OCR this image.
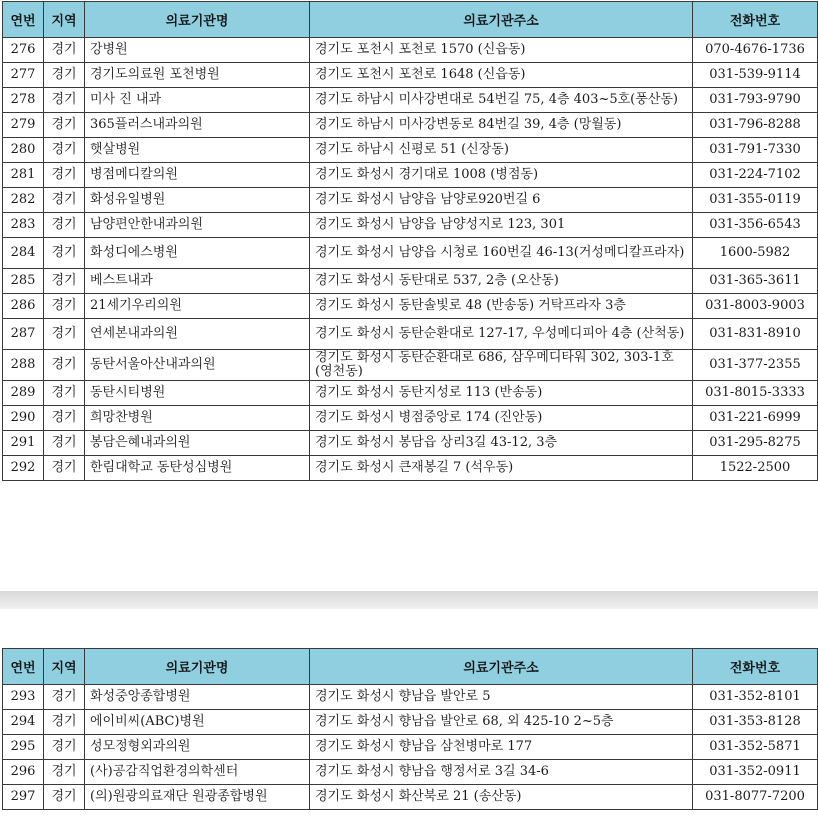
연번	지역	의료기관명	의료기관주소	전화번호
276	경기	강병원	경기도 포천시 포천로 1570 (신읍동)	070-4676-1736
277	경기	경기도의료원 포천병원	경기도 포천시 포천로 1648 (신읍동)	031-539-9114
278	경기	미사 진 내과	경기도 하남시 미사강변대로 54번길 75, 4층 403~5호(풍산동)	031-793-9790
279	경기	365플러스내과의원	경기도 하남시 미사강변동로 84번길 39, 4층 (망월동)	031-796-8288
280	경기	햇살병원	경기도 하남시 신평로 51 (신장동)	031-791-7330
281	경기	병점메디칼의원	경기도 화성시 경기대로 1008 (병점동)	031-224-7102
282	경기	화성유일병원	경기도 화성시 남양읍 남양로920번길 6	031-355-0119
283	경기	남양편안한내과의원	경기도 화성시 남양읍 남양성지로 123, 301	031-356-6543
284	경기	화성디에스병원	경기도 화성시 남양읍 시청로 160번길 46-13(거성메디칼프라자)	1600-5982
285	경기	베스트내과	경기도 화성시 동탄대로 537, 2층 (오산동)	031-365-3611
286	경기	21세기우리의원	경기도 화성시 동탄솔빛로 48 (반송동) 거탁프라자 3층	031-8003-9003
287	경기	연세본내과의원	경기도 화성시 동탄순환대로 127-17, 우성메디피아 4층 (산척동)	031-831-8910
288	경기	동탄서울아산내과의원	경기도 화성시 동탄순환대로 686, 삼우메디타워 302, 303-1호 (영천동)	031-377-2355
289	경기	동탄시티병원	경기도 화성시 동탄지성로 113 (반송동)	031-8015-3333
290	경기	희망찬병원	경기도 화성시 병점중앙로 174 (진안동)	031-221-6999
291	경기	봉담은혜내과의원	경기도 화성시 봉담읍 상리3길 43-12, 3층	031-295-8275
292	경기	한림대학교 동탄성심병원	경기도 화성시 큰재봉길 7 (석우동)	1522-2500
연번	지역	의료기관명	의료기관주소	전화번호
293	경기	화성중앙종합병원	경기도 화성시 향남읍 발안로 5	031-352-8101
294	경기	에이비씨(ABC)병원	경기도 화성시 향남읍 발안로 68, 외 425-10 2~5층	031-353-8128
295	경기	성모정형외과의원	경기도 화성시 향남읍 삼천병마로 177	031-352-5871
296	경기	(사)공감직업환경의학센터	경기도 화성시 향남읍 행정서로 3길 34-6	031-352-0911
297	경기	(의)원광의료재단 원광종합병원	경기도 화성시 화산북로 21 (송산동)	031-8077-7200
